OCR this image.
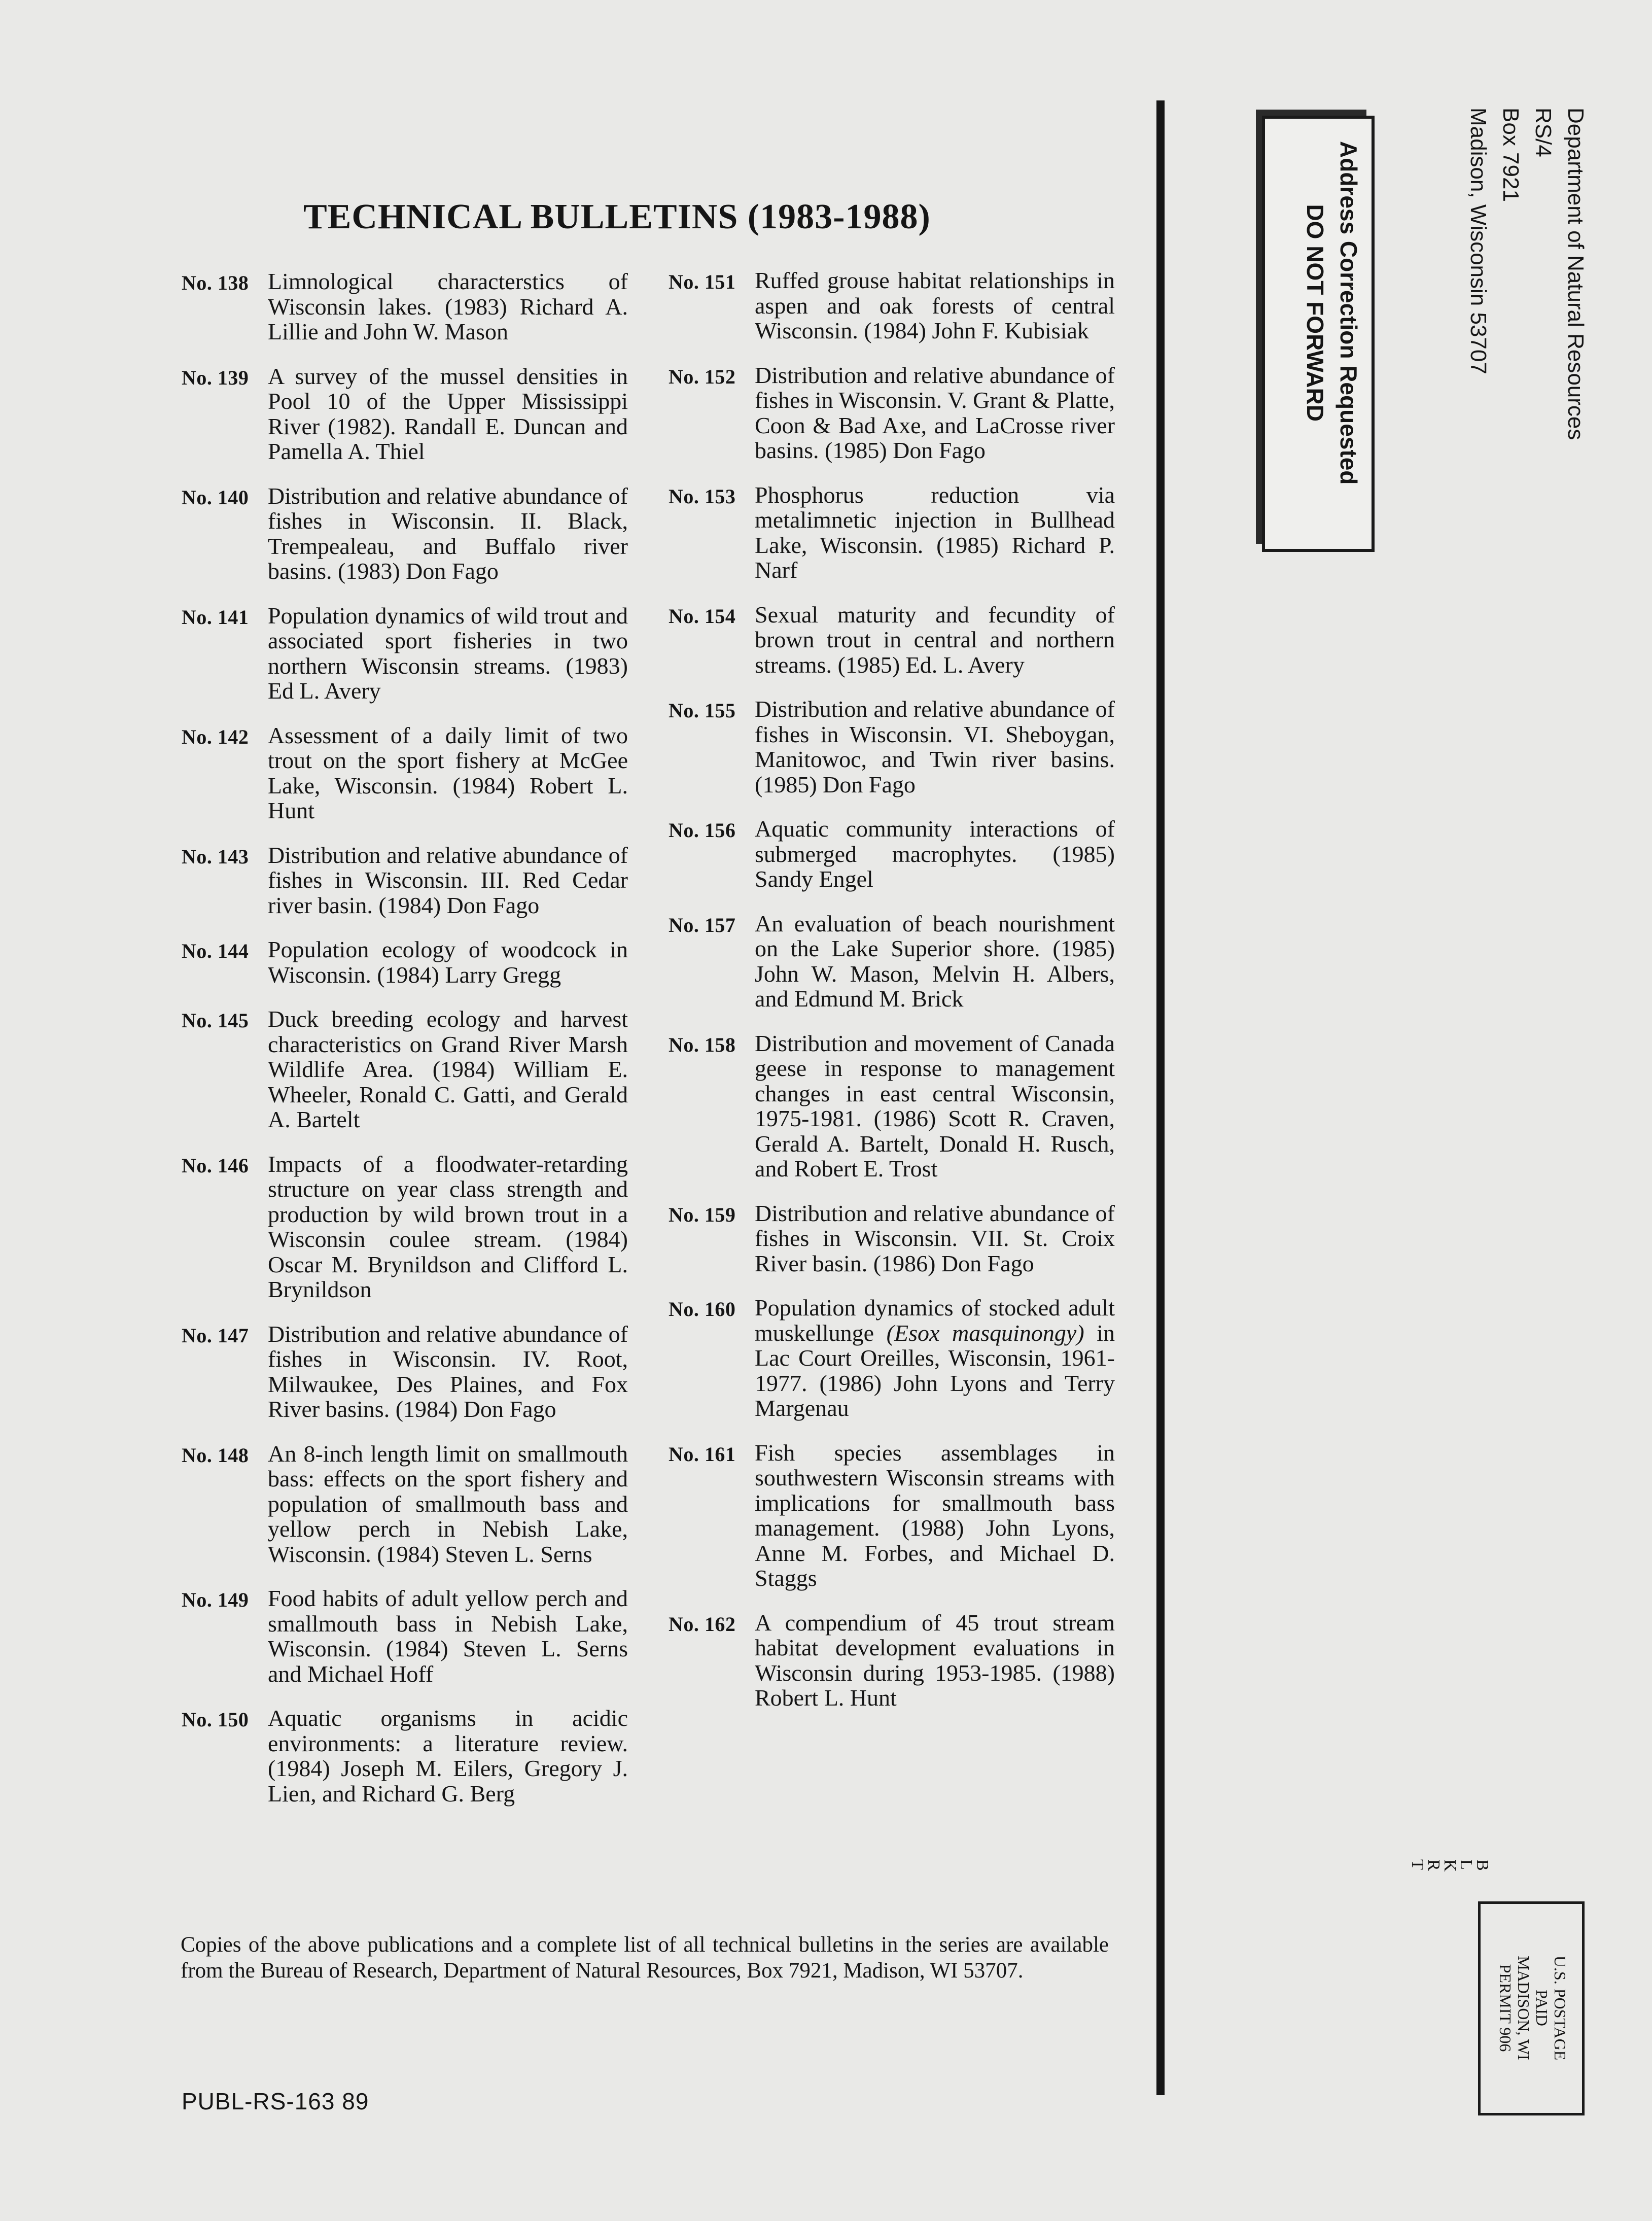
TECHNICAL BULLETINS (1983-1988)
No. 138 Limnological characterstics of Wisconsin lakes. (1983) Richard A. Lillie and John W. Mason
No. 139 A survey of the mussel densities in Pool 10 of the Upper Mississippi River (1982). Randall E. Duncan and Pamella A. Thiel
No. 140 Distribution and relative abundance of fishes in Wisconsin. II. Black, Trempealeau, and Buffalo river basins. (1983) Don Fago
No. 141 Population dynamics of wild trout and associated sport fisheries in two northern Wisconsin streams. (1983) Ed L. Avery
No. 142 Assessment of a daily limit of two trout on the sport fishery at McGee Lake, Wisconsin. (1984) Robert L. Hunt
No. 143 Distribution and relative abundance of fishes in Wisconsin. III. Red Cedar river basin. (1984) Don Fago
No. 144 Population ecology of woodcock in Wisconsin. (1984) Larry Gregg
No. 145 Duck breeding ecology and harvest characteristics on Grand River Marsh Wildlife Area. (1984) William E. Wheeler, Ronald C. Gatti, and Gerald A. Bartelt
No. 146 Impacts of a floodwater-retarding structure on year class strength and production by wild brown trout in a Wisconsin coulee stream. (1984) Oscar M. Brynildson and Clifford L. Brynildson
No. 147 Distribution and relative abundance of fishes in Wisconsin. IV. Root, Milwaukee, Des Plaines, and Fox River basins. (1984) Don Fago
No. 148 An 8-inch length limit on smallmouth bass: effects on the sport fishery and population of smallmouth bass and yellow perch in Nebish Lake, Wisconsin. (1984) Steven L. Serns
No. 149 Food habits of adult yellow perch and smallmouth bass in Nebish Lake, Wisconsin. (1984) Steven L. Serns and Michael Hoff
No. 150 Aquatic organisms in acidic environments: a literature review. (1984) Joseph M. Eilers, Gregory J. Lien, and Richard G. Berg
No. 151 Ruffed grouse habitat relationships in aspen and oak forests of central Wisconsin. (1984) John F. Kubisiak
No. 152 Distribution and relative abundance of fishes in Wisconsin. V. Grant & Platte, Coon & Bad Axe, and LaCrosse river basins. (1985) Don Fago
No. 153 Phosphorus reduction via metalimnetic injection in Bullhead Lake, Wisconsin. (1985) Richard P. Narf
No. 154 Sexual maturity and fecundity of brown trout in central and northern streams. (1985) Ed. L. Avery
No. 155 Distribution and relative abundance of fishes in Wisconsin. VI. Sheboygan, Manitowoc, and Twin river basins. (1985) Don Fago
No. 156 Aquatic community interactions of submerged macrophytes. (1985) Sandy Engel
No. 157 An evaluation of beach nourishment on the Lake Superior shore. (1985) John W. Mason, Melvin H. Albers, and Edmund M. Brick
No. 158 Distribution and movement of Canada geese in response to management changes in east central Wisconsin, 1975-1981. (1986) Scott R. Craven, Gerald A. Bartelt, Donald H. Rusch, and Robert E. Trost
No. 159 Distribution and relative abundance of fishes in Wisconsin. VII. St. Croix River basin. (1986) Don Fago
No. 160 Population dynamics of stocked adult muskellunge (Esox masquinongy) in Lac Court Oreilles, Wisconsin, 1961-1977. (1986) John Lyons and Terry Margenau
No. 161 Fish species assemblages in southwestern Wisconsin streams with implications for smallmouth bass management. (1988) John Lyons, Anne M. Forbes, and Michael D. Staggs
No. 162 A compendium of 45 trout stream habitat development evaluations in Wisconsin during 1953-1985. (1988) Robert L. Hunt
Copies of the above publications and a complete list of all technical bulletins in the series are available from the Bureau of Research, Department of Natural Resources, Box 7921, Madison, WI 53707.
PUBL-RS-163 89
Department of Natural Resources
RS/4
Box 7921
Madison, Wisconsin 53707
Address Correction Requested
DO NOT FORWARD
B
L
K
R
T
U.S. POSTAGE
PAID
MADISON, WI
PERMIT 906
